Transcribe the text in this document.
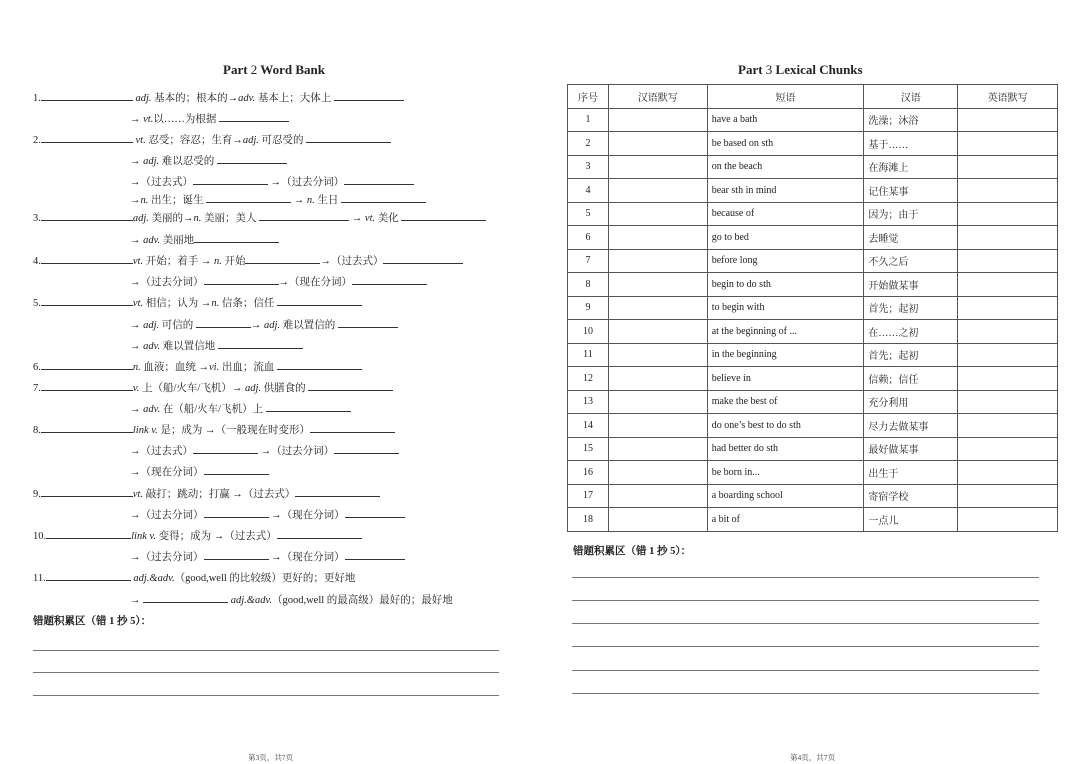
Part 2 Word Bank
1.	adj. 基本的；根本的→adv. 基本上；大体上
→ vt.以……为根据
2.	vt. 忍受；容忍；生育→adj. 可忍受的
→ adj. 难以忍受的
→（过去式）	→（过去分词）
→n. 出生；诞生	→ n. 生日
3.	adj. 美丽的→n. 美丽；美人	→ vt. 美化
→ adv. 美丽地
4.	vt. 开始；着手 → n. 开始	→（过去式）
→（过去分词）	→（现在分词）
5.	vt. 相信；认为 →n. 信条；信任
→ adj. 可信的	→ adj. 难以置信的
→ adv. 难以置信地
6.	n. 血液；血统 →vi. 出血；流血
7.	v. 上（船/火车/飞机）→ adj. 供膳食的
→ adv. 在（船/火车/飞机）上
8.	link v. 是；成为 →（一般现在时变形）
→（过去式）	→（过去分词）
→（现在分词）
9.	vt. 敲打；跳动；打赢 →（过去式）
→（过去分词）	→（现在分词）
10.	link v. 变得；成为 →（过去式）
→（过去分词）	→（现在分词）
11.	adj.&adv.（good,well 的比较级）更好的；更好地
→	adj.&adv.（good,well 的最高级）最好的；最好地
错题积累区（错 1 抄 5）：
第3页，共7页
Part 3 Lexical Chunks
序号	汉语默写	短语	汉语	英语默写
1		have a bath	洗澡；沐浴	
2		be based on sth	基于……	
3		on the beach	在海滩上	
4		bear sth in mind	记住某事	
5		because of	因为；由于	
6		go to bed	去睡觉	
7		before long	不久之后	
8		begin to do sth	开始做某事	
9		to begin with	首先；起初	
10		at the beginning of ...	在……之初	
11		in the beginning	首先；起初	
12		believe in	信赖；信任	
13		make the best of	充分利用	
14		do one’s best to do sth	尽力去做某事	
15		had better do sth	最好做某事	
16		be born in...	出生于	
17		a boarding school	寄宿学校	
18		a bit of	一点儿	
错题积累区（错 1 抄 5）：
第4页，共7页
